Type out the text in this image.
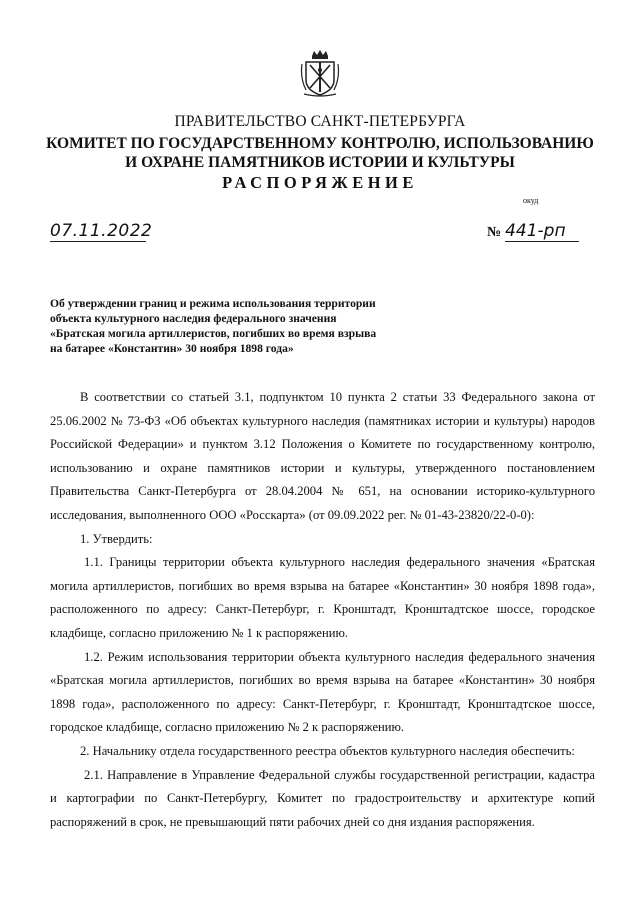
ПРАВИТЕЛЬСТВО САНКТ-ПЕТЕРБУРГА
КОМИТЕТ ПО ГОСУДАРСТВЕННОМУ КОНТРОЛЮ, ИСПОЛЬЗОВАНИЮ
И ОХРАНЕ ПАМЯТНИКОВ ИСТОРИИ И КУЛЬТУРЫ
РАСПОРЯЖЕНИЕ
окуд
07.11.2022	№ 441-рп
Об утверждении границ и режима использования территории
объекта культурного наследия федерального значения
«Братская могила артиллеристов, погибших во время взрыва
на батарее «Константин» 30 ноября 1898 года»

В соответствии со статьей 3.1, подпунктом 10 пункта 2 статьи 33 Федерального закона от 25.06.2002 № 73-ФЗ «Об объектах культурного наследия (памятниках истории и культуры) народов Российской Федерации» и пунктом 3.12 Положения о Комитете по государственному контролю, использованию и охране памятников истории и культуры, утвержденного постановлением Правительства Санкт-Петербурга от 28.04.2004 № 651, на основании историко-культурного исследования, выполненного ООО «Росскарта» (от 09.09.2022 рег. № 01-43-23820/22-0-0):

1. Утвердить:

1.1. Границы территории объекта культурного наследия федерального значения «Братская могила артиллеристов, погибших во время взрыва на батарее «Константин» 30 ноября 1898 года», расположенного по адресу: Санкт-Петербург, г. Кронштадт, Кронштадтское шоссе, городское кладбище, согласно приложению № 1 к распоряжению.

1.2. Режим использования территории объекта культурного наследия федерального значения «Братская могила артиллеристов, погибших во время взрыва на батарее «Константин» 30 ноября 1898 года», расположенного по адресу: Санкт-Петербург, г. Кронштадт, Кронштадтское шоссе, городское кладбище, согласно приложению № 2 к распоряжению.

2. Начальнику отдела государственного реестра объектов культурного наследия обеспечить:

2.1. Направление в Управление Федеральной службы государственной регистрации, кадастра и картографии по Санкт-Петербургу, Комитет по градостроительству и архитектуре копий распоряжений в срок, не превышающий пяти рабочих дней со дня издания распоряжения.
